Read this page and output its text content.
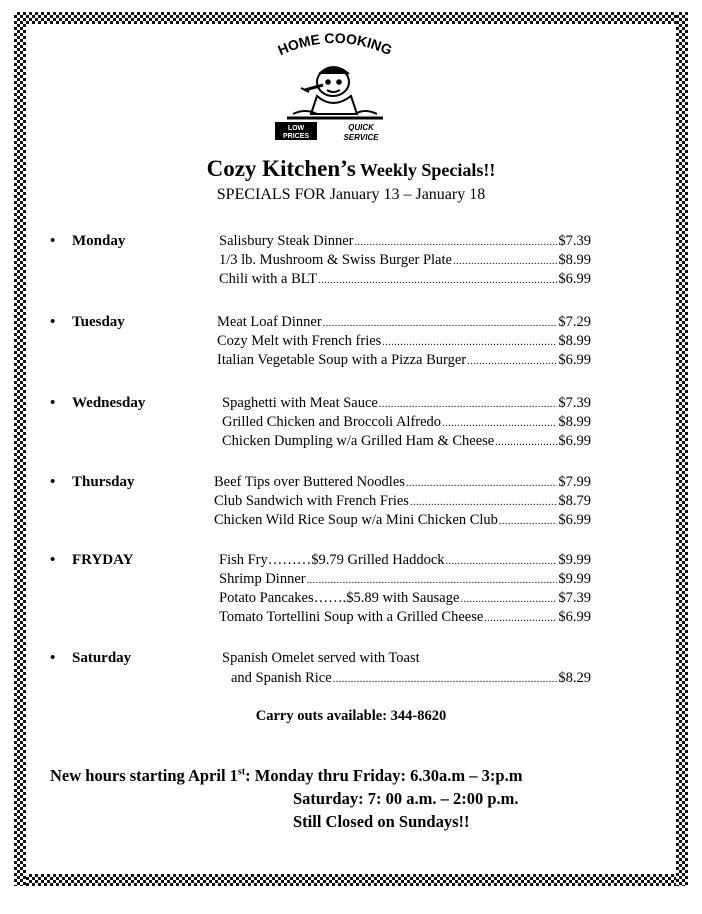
HOME COOKING
LOW
PRICES
QUICK
SERVICE
Cozy Kitchen’s Weekly Specials!!
SPECIALS FOR January 13 – January 18
• Monday	Salisbury Steak Dinner .....	$7.39
1/3 lb. Mushroom & Swiss Burger Plate .....	$8.99
Chili with a BLT .....	$6.99
• Tuesday	Meat Loaf Dinner .....	$7.29
Cozy Melt with French fries .....	$8.99
Italian Vegetable Soup with a Pizza Burger .....	$6.99
• Wednesday	Spaghetti with Meat Sauce .....	$7.39
Grilled Chicken and Broccoli Alfredo .....	$8.99
Chicken Dumpling w/a Grilled Ham & Cheese .....	$6.99
• Thursday	Beef Tips over Buttered Noodles .....	$7.99
Club Sandwich with French Fries .....	$8.79
Chicken Wild Rice Soup w/a Mini Chicken Club .....	$6.99
• FRYDAY	Fish Fry………$9.79 Grilled Haddock .....	$9.99
Shrimp Dinner .....	$9.99
Potato Pancakes…….$5.89 with Sausage .....	$7.39
Tomato Tortellini Soup with a Grilled Cheese .....	$6.99
• Saturday	Spanish Omelet served with Toast
and Spanish Rice .....	$8.29
Carry outs available: 344-8620
New hours starting April 1st: Monday thru Friday: 6.30a.m – 3:p.m
Saturday: 7: 00 a.m. – 2:00 p.m.
Still Closed on Sundays!!
